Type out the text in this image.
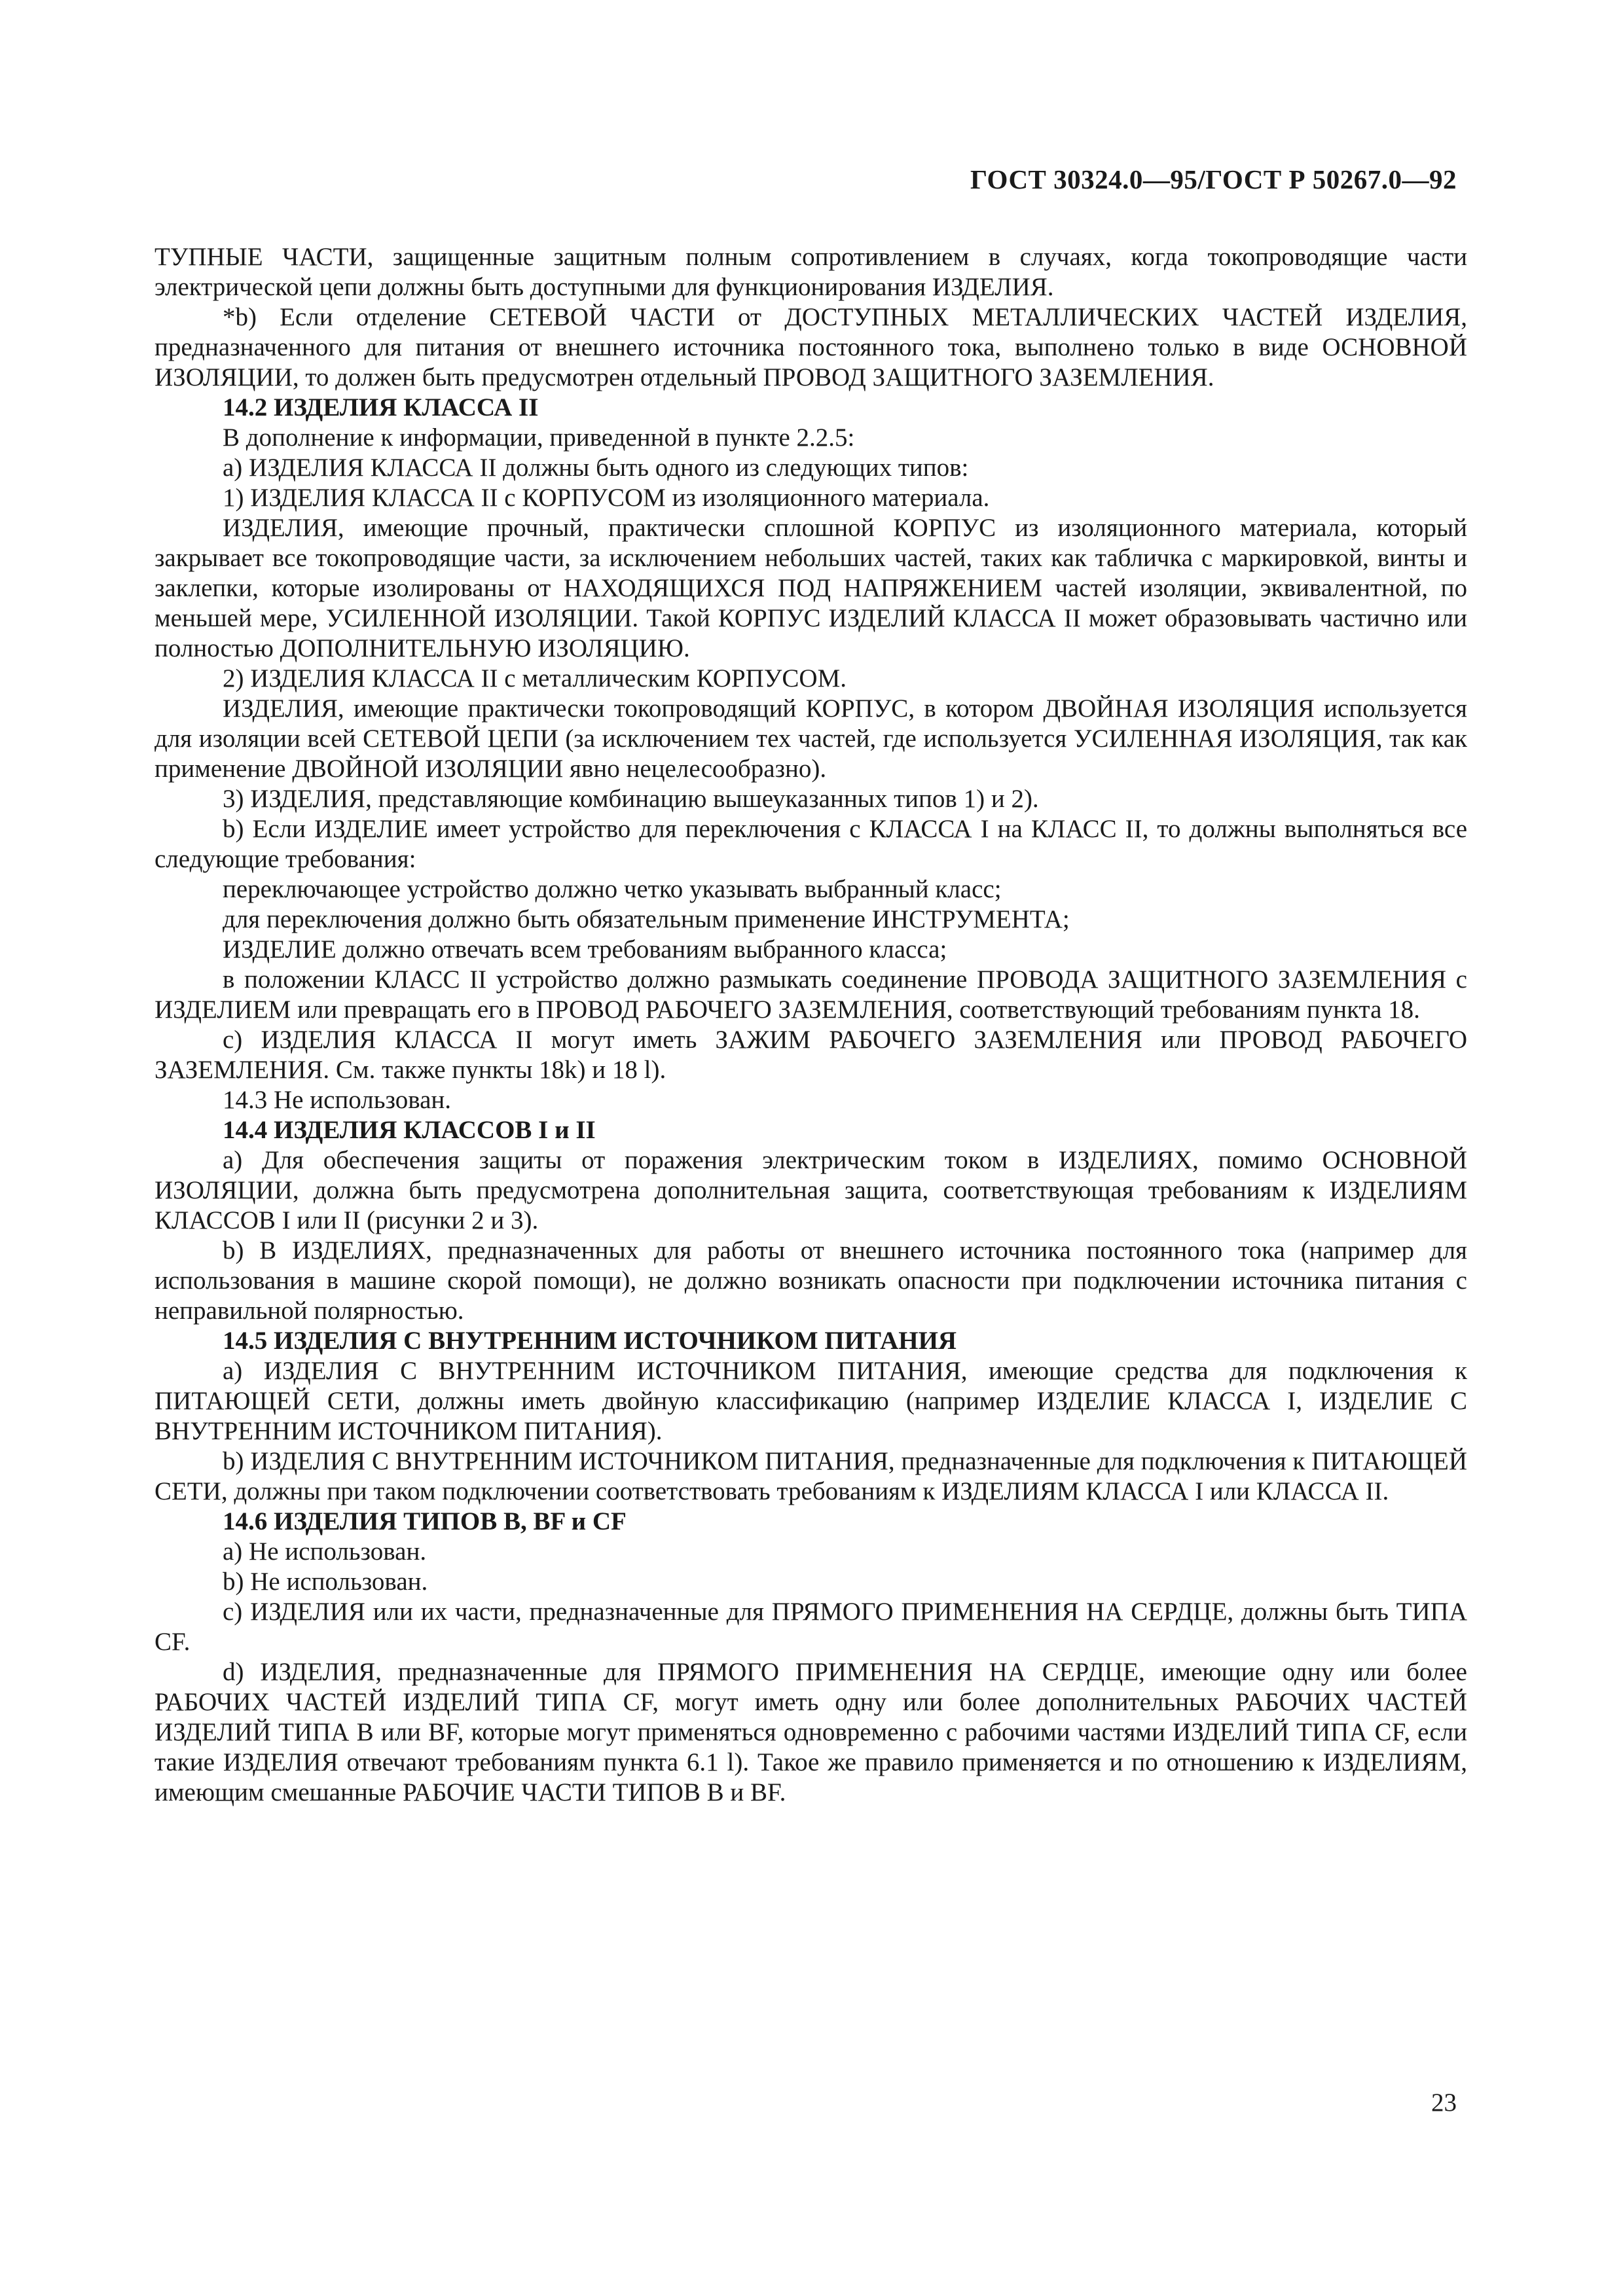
ГОСТ 30324.0—95/ГОСТ Р 50267.0—92

ТУПНЫЕ ЧАСТИ, защищенные защитным полным сопротивлением в случаях, когда токопроводящие части электрической цепи должны быть доступными для функционирования ИЗДЕЛИЯ.

*b) Если отделение СЕТЕВОЙ ЧАСТИ от ДОСТУПНЫХ МЕТАЛЛИЧЕСКИХ ЧАСТЕЙ ИЗДЕЛИЯ, предназначенного для питания от внешнего источника постоянного тока, выполнено только в виде ОСНОВНОЙ ИЗОЛЯЦИИ, то должен быть предусмотрен отдельный ПРОВОД ЗАЩИТНОГО ЗАЗЕМЛЕНИЯ.

14.2 ИЗДЕЛИЯ КЛАССА II

В дополнение к информации, приведенной в пункте 2.2.5:

a) ИЗДЕЛИЯ КЛАССА II должны быть одного из следующих типов:

1) ИЗДЕЛИЯ КЛАССА II с КОРПУСОМ из изоляционного материала.

ИЗДЕЛИЯ, имеющие прочный, практически сплошной КОРПУС из изоляционного материала, который закрывает все токопроводящие части, за исключением небольших частей, таких как табличка с маркировкой, винты и заклепки, которые изолированы от НАХОДЯЩИХСЯ ПОД НАПРЯЖЕНИЕМ частей изоляции, эквивалентной, по меньшей мере, УСИЛЕННОЙ ИЗОЛЯЦИИ. Такой КОРПУС ИЗДЕЛИЙ КЛАССА II может образовывать частично или полностью ДОПОЛНИТЕЛЬНУЮ ИЗОЛЯЦИЮ.

2) ИЗДЕЛИЯ КЛАССА II с металлическим КОРПУСОМ.

ИЗДЕЛИЯ, имеющие практически токопроводящий КОРПУС, в котором ДВОЙНАЯ ИЗОЛЯЦИЯ используется для изоляции всей СЕТЕВОЙ ЦЕПИ (за исключением тех частей, где используется УСИЛЕННАЯ ИЗОЛЯЦИЯ, так как применение ДВОЙНОЙ ИЗОЛЯЦИИ явно нецелесообразно).

3) ИЗДЕЛИЯ, представляющие комбинацию вышеуказанных типов 1) и 2).

b) Если ИЗДЕЛИЕ имеет устройство для переключения с КЛАССА I на КЛАСС II, то должны выполняться все следующие требования:

переключающее устройство должно четко указывать выбранный класс;

для переключения должно быть обязательным применение ИНСТРУМЕНТА;

ИЗДЕЛИЕ должно отвечать всем требованиям выбранного класса;

в положении КЛАСС II устройство должно размыкать соединение ПРОВОДА ЗАЩИТНОГО ЗАЗЕМЛЕНИЯ с ИЗДЕЛИЕМ или превращать его в ПРОВОД РАБОЧЕГО ЗАЗЕМЛЕНИЯ, соответствующий требованиям пункта 18.

c) ИЗДЕЛИЯ КЛАССА II могут иметь ЗАЖИМ РАБОЧЕГО ЗАЗЕМЛЕНИЯ или ПРОВОД РАБОЧЕГО ЗАЗЕМЛЕНИЯ. См. также пункты 18k) и 18 l).

14.3 Не использован.

14.4 ИЗДЕЛИЯ КЛАССОВ I и II

a) Для обеспечения защиты от поражения электрическим током в ИЗДЕЛИЯХ, помимо ОСНОВНОЙ ИЗОЛЯЦИИ, должна быть предусмотрена дополнительная защита, соответствующая требованиям к ИЗДЕЛИЯМ КЛАССОВ I или II (рисунки 2 и 3).

b) В ИЗДЕЛИЯХ, предназначенных для работы от внешнего источника постоянного тока (например для использования в машине скорой помощи), не должно возникать опасности при подключении источника питания с неправильной полярностью.

14.5 ИЗДЕЛИЯ С ВНУТРЕННИМ ИСТОЧНИКОМ ПИТАНИЯ

a) ИЗДЕЛИЯ С ВНУТРЕННИМ ИСТОЧНИКОМ ПИТАНИЯ, имеющие средства для подключения к ПИТАЮЩЕЙ СЕТИ, должны иметь двойную классификацию (например ИЗДЕЛИЕ КЛАССА I, ИЗДЕЛИЕ С ВНУТРЕННИМ ИСТОЧНИКОМ ПИТАНИЯ).

b) ИЗДЕЛИЯ С ВНУТРЕННИМ ИСТОЧНИКОМ ПИТАНИЯ, предназначенные для подключения к ПИТАЮЩЕЙ СЕТИ, должны при таком подключении соответствовать требованиям к ИЗДЕЛИЯМ КЛАССА I или КЛАССА II.

14.6 ИЗДЕЛИЯ ТИПОВ В, BF и CF

a) Не использован.

b) Не использован.

c) ИЗДЕЛИЯ или их части, предназначенные для ПРЯМОГО ПРИМЕНЕНИЯ НА СЕРДЦЕ, должны быть ТИПА CF.

d) ИЗДЕЛИЯ, предназначенные для ПРЯМОГО ПРИМЕНЕНИЯ НА СЕРДЦЕ, имеющие одну или более РАБОЧИХ ЧАСТЕЙ ИЗДЕЛИЙ ТИПА CF, могут иметь одну или более дополнительных РАБОЧИХ ЧАСТЕЙ ИЗДЕЛИЙ ТИПА В или BF, которые могут применяться одновременно с рабочими частями ИЗДЕЛИЙ ТИПА CF, если такие ИЗДЕЛИЯ отвечают требованиям пункта 6.1 l). Такое же правило применяется и по отношению к ИЗДЕЛИЯМ, имеющим смешанные РАБОЧИЕ ЧАСТИ ТИПОВ В и BF.

23
